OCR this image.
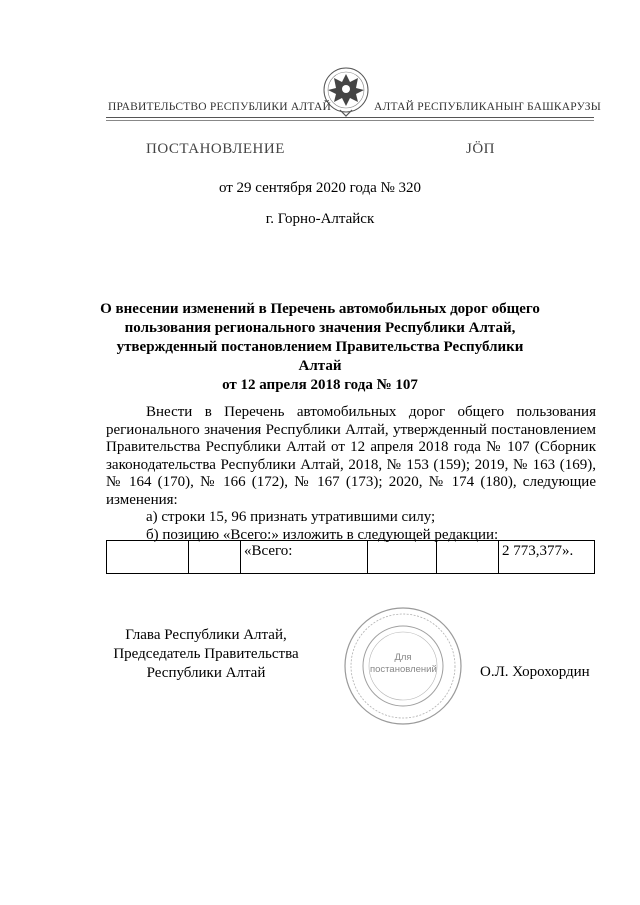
ПРАВИТЕЛЬСТВО РЕСПУБЛИКИ АЛТАЙ	АЛТАЙ РЕСПУБЛИКАНЫҤ БАШКАРУЗЫ
ПОСТАНОВЛЕНИЕ	JÖП
от 29 сентября 2020 года № 320
г. Горно-Алтайск
О внесении изменений в Перечень автомобильных дорог общего
пользования регионального значения Республики Алтай,
утвержденный постановлением Правительства Республики Алтай
от 12 апреля 2018 года № 107

Внести в Перечень автомобильных дорог общего пользования регионального значения Республики Алтай, утвержденный постановлением Правительства Республики Алтай от 12 апреля 2018 года № 107 (Сборник законодательства Республики Алтай, 2018, № 153 (159); 2019, № 163 (169), № 164 (170), № 166 (172), № 167 (173); 2020, № 174 (180), следующие изменения:

а) строки 15, 96 признать утратившими силу;

б) позицию «Всего:» изложить в следующей редакции:

		«Всего:			2 773,377».
Глава Республики Алтай,
Председатель Правительства
Республики Алтай
Для
постановлений	О.Л. Хорохордин
